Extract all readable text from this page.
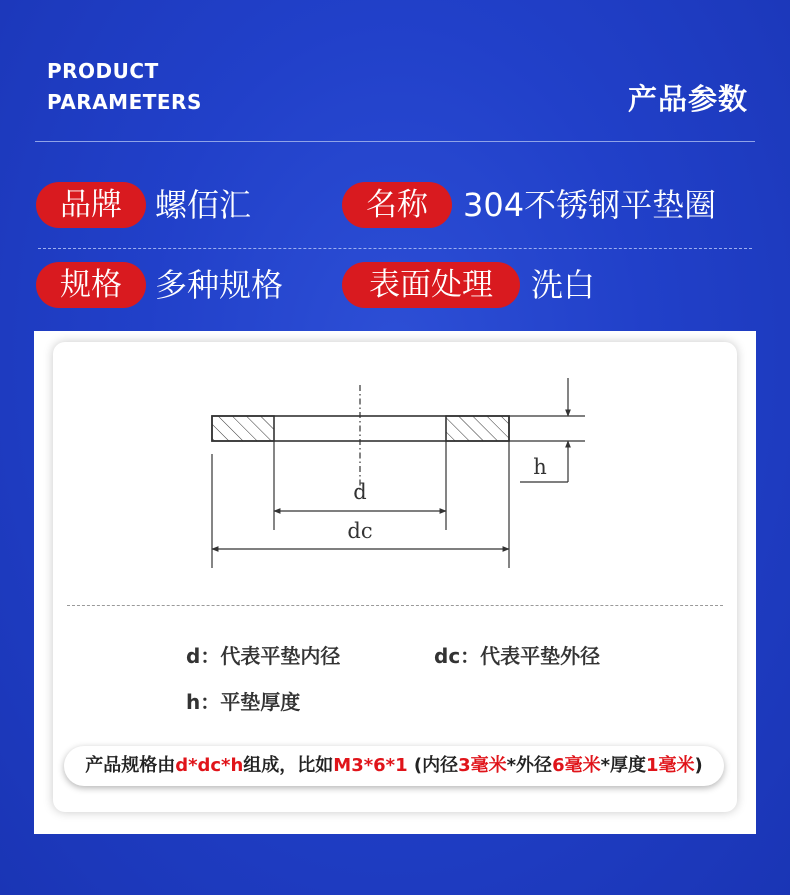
PRODUCT
PARAMETERS	产品参数
品牌	螺佰汇	名称	304不锈钢平垫圈
规格	多种规格	表面处理	洗白
d
dc
h
d：代表平垫内径	dc：代表平垫外径
h：平垫厚度
产品规格由d*dc*h组成，比如M3*6*1 (内径3毫米*外径6毫米*厚度1毫米)
